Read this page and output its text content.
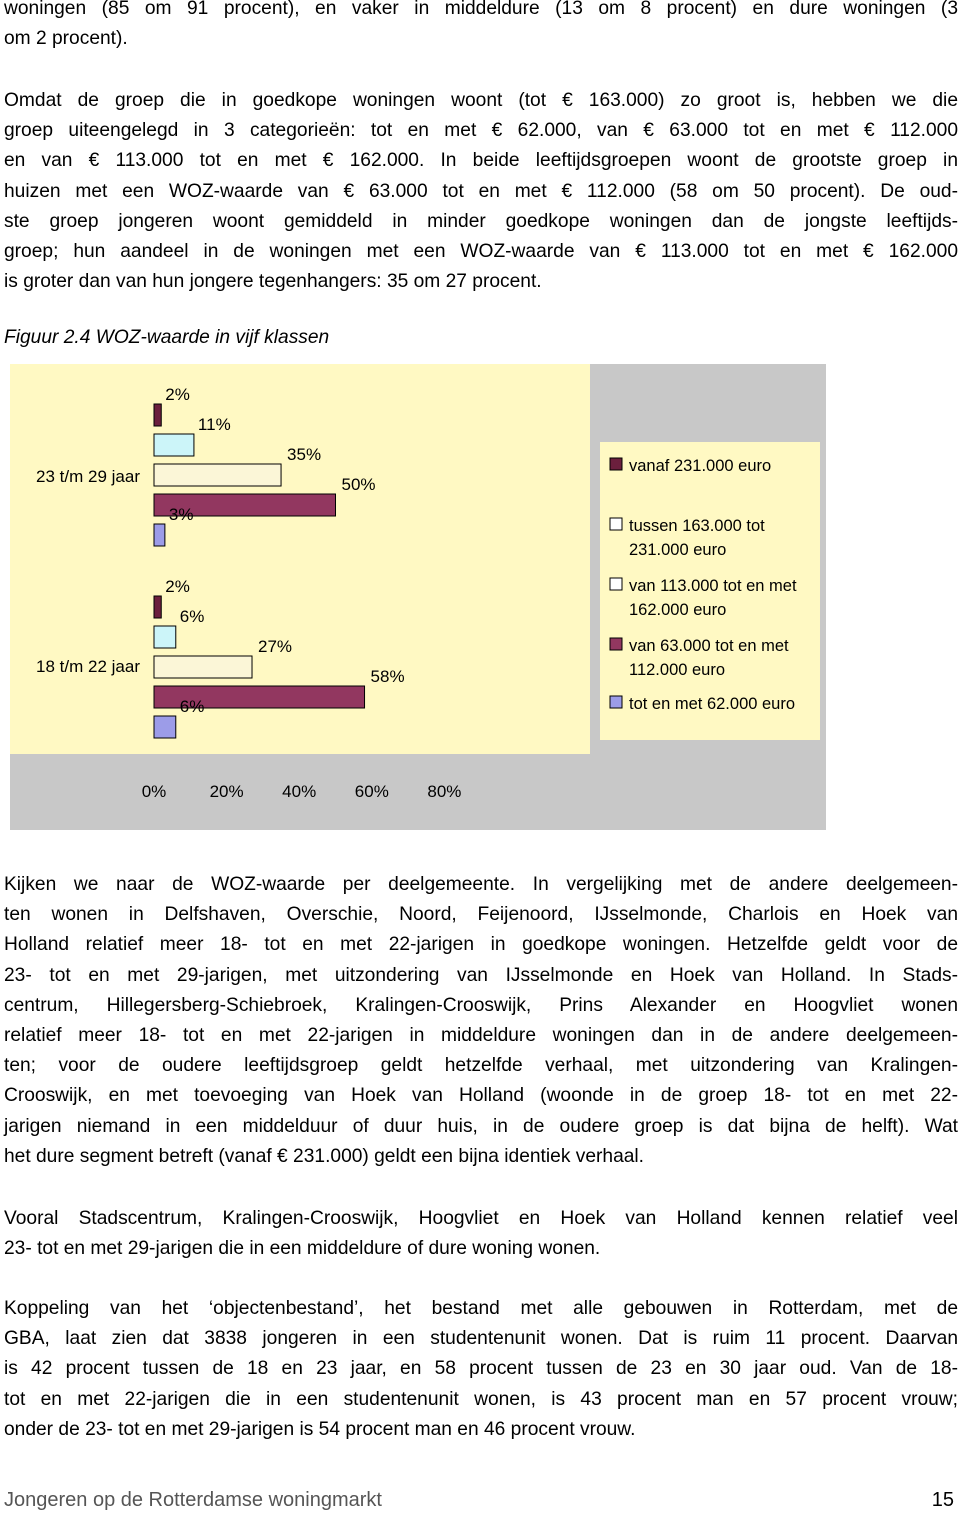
woningen (85 om 91 procent), en vaker in middeldure (13 om 8 procent) en dure woningen (3
om 2 procent).
Omdat de groep die in goedkope woningen woont (tot € 163.000) zo groot is, hebben we die
groep uiteengelegd in 3 categorieën: tot en met € 62.000, van € 63.000 tot en met € 112.000
en van € 113.000 tot en met € 162.000. In beide leeftijdsgroepen woont de grootste groep in
huizen met een WOZ-waarde van € 63.000 tot en met € 112.000 (58 om 50 procent). De oud-
ste groep jongeren woont gemiddeld in minder goedkope woningen dan de jongste leeftijds-
groep; hun aandeel in de woningen met een WOZ-waarde van € 113.000 tot en met € 162.000
is groter dan van hun jongere tegenhangers: 35 om 27 procent.
Figuur 2.4 WOZ-waarde in vijf klassen
0%	20% 40% 60% 80%
23 t/m 29 jaar
18 t/m 22 jaar
2%
11%
35%
50%
3%
2%
6%
27%
58%
6%
vanaf 231.000 euro
tussen 163.000 tot
231.000 euro
van 113.000 tot en met
162.000 euro
van 63.000 tot en met
112.000 euro
tot en met 62.000 euro
Kijken we naar de WOZ-waarde per deelgemeente. In vergelijking met de andere deelgemeen-
ten wonen in Delfshaven, Overschie, Noord, Feijenoord, IJsselmonde, Charlois en Hoek van
Holland relatief meer 18- tot en met 22-jarigen in goedkope woningen. Hetzelfde geldt voor de
23- tot en met 29-jarigen, met uitzondering van IJsselmonde en Hoek van Holland. In Stads-
centrum, Hillegersberg-Schiebroek, Kralingen-Crooswijk, Prins Alexander en Hoogvliet wonen
relatief meer 18- tot en met 22-jarigen in middeldure woningen dan in de andere deelgemeen-
ten; voor de oudere leeftijdsgroep geldt hetzelfde verhaal, met uitzondering van Kralingen-
Crooswijk, en met toevoeging van Hoek van Holland (woonde in de groep 18- tot en met 22-
jarigen niemand in een middelduur of duur huis, in de oudere groep is dat bijna de helft). Wat
het dure segment betreft (vanaf € 231.000) geldt een bijna identiek verhaal.
Vooral Stadscentrum, Kralingen-Crooswijk, Hoogvliet en Hoek van Holland kennen relatief veel
23- tot en met 29-jarigen die in een middeldure of dure woning wonen.
Koppeling van het ‘objectenbestand’, het bestand met alle gebouwen in Rotterdam, met de
GBA, laat zien dat 3838 jongeren in een studentenunit wonen. Dat is ruim 11 procent. Daarvan
is 42 procent tussen de 18 en 23 jaar, en 58 procent tussen de 23 en 30 jaar oud. Van de 18-
tot en met 22-jarigen die in een studentenunit wonen, is 43 procent man en 57 procent vrouw;
onder de 23- tot en met 29-jarigen is 54 procent man en 46 procent vrouw.
Jongeren op de Rotterdamse woningmarkt	15
